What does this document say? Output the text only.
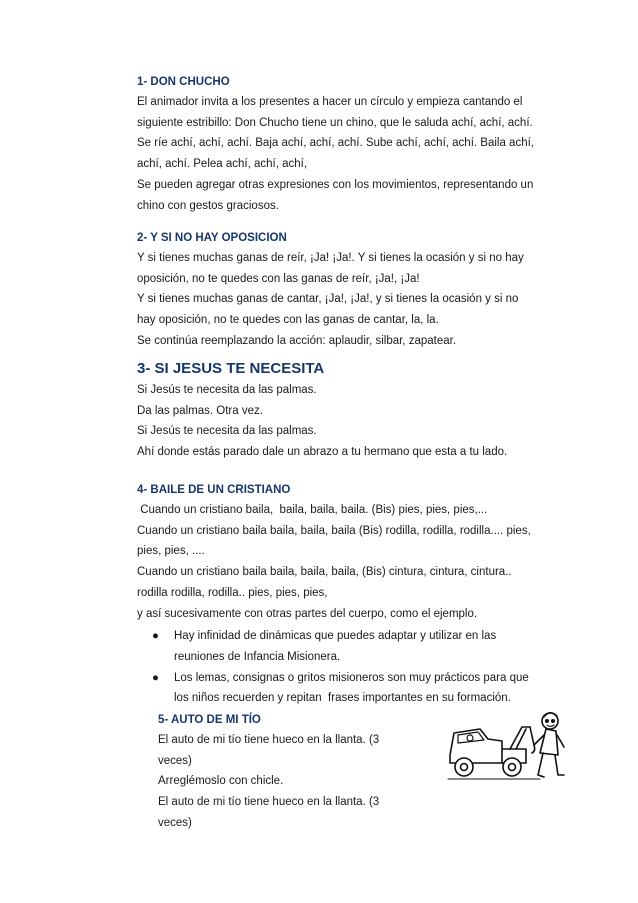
1- DON CHUCHO

El animador invita a los presentes a hacer un círculo y empieza cantando el

siguiente estribillo: Don Chucho tiene un chino, que le saluda achí, achí, achí.

Se ríe achí, achí, achí. Baja achí, achí, achí. Sube achí, achí, achí. Baila achí,

achí, achí. Pelea achí, achí, achí,

Se pueden agregar otras expresiones con los movimientos, representando un

chino con gestos graciosos.

2- Y SI NO HAY OPOSICION

Y si tienes muchas ganas de reír, ¡Ja! ¡Ja!. Y si tienes la ocasión y si no hay

oposición, no te quedes con las ganas de reír, ¡Ja!, ¡Ja!

Y si tienes muchas ganas de cantar, ¡Ja!, ¡Ja!, y si tienes la ocasión y si no

hay oposición, no te quedes con las ganas de cantar, la, la.

Se continúa reemplazando la acción: aplaudir, silbar, zapatear.

3- SI JESUS TE NECESITA

Si Jesús te necesita da las palmas.

Da las palmas. Otra vez.

Si Jesús te necesita da las palmas.

Ahí donde estás parado dale un abrazo a tu hermano que esta a tu lado.

4- BAILE DE UN CRISTIANO

Cuando un cristiano baila,  baila, baila, baila. (Bis) pies, pies, pies,...

Cuando un cristiano baila baila, baila, baila (Bis) rodilla, rodilla, rodilla.... pies,

pies, pies, ....

Cuando un cristiano baila baila, baila, baila, (Bis) cintura, cintura, cintura..

rodilla rodilla, rodilla.. pies, pies, pies,

y así sucesivamente con otras partes del cuerpo, como el ejemplo.

● Hay infinidad de dinámicas que puedes adaptar y utilizar en las

reuniones de Infancia Misionera.

● Los lemas, consignas o gritos misioneros son muy prácticos para que

los niños recuerden y repitan  frases importantes en su formación.

5- AUTO DE MI TÍO

El auto de mi tío tiene hueco en la llanta. (3

veces)

Arreglémoslo con chicle.

El auto de mi tío tiene hueco en la llanta. (3

veces)
